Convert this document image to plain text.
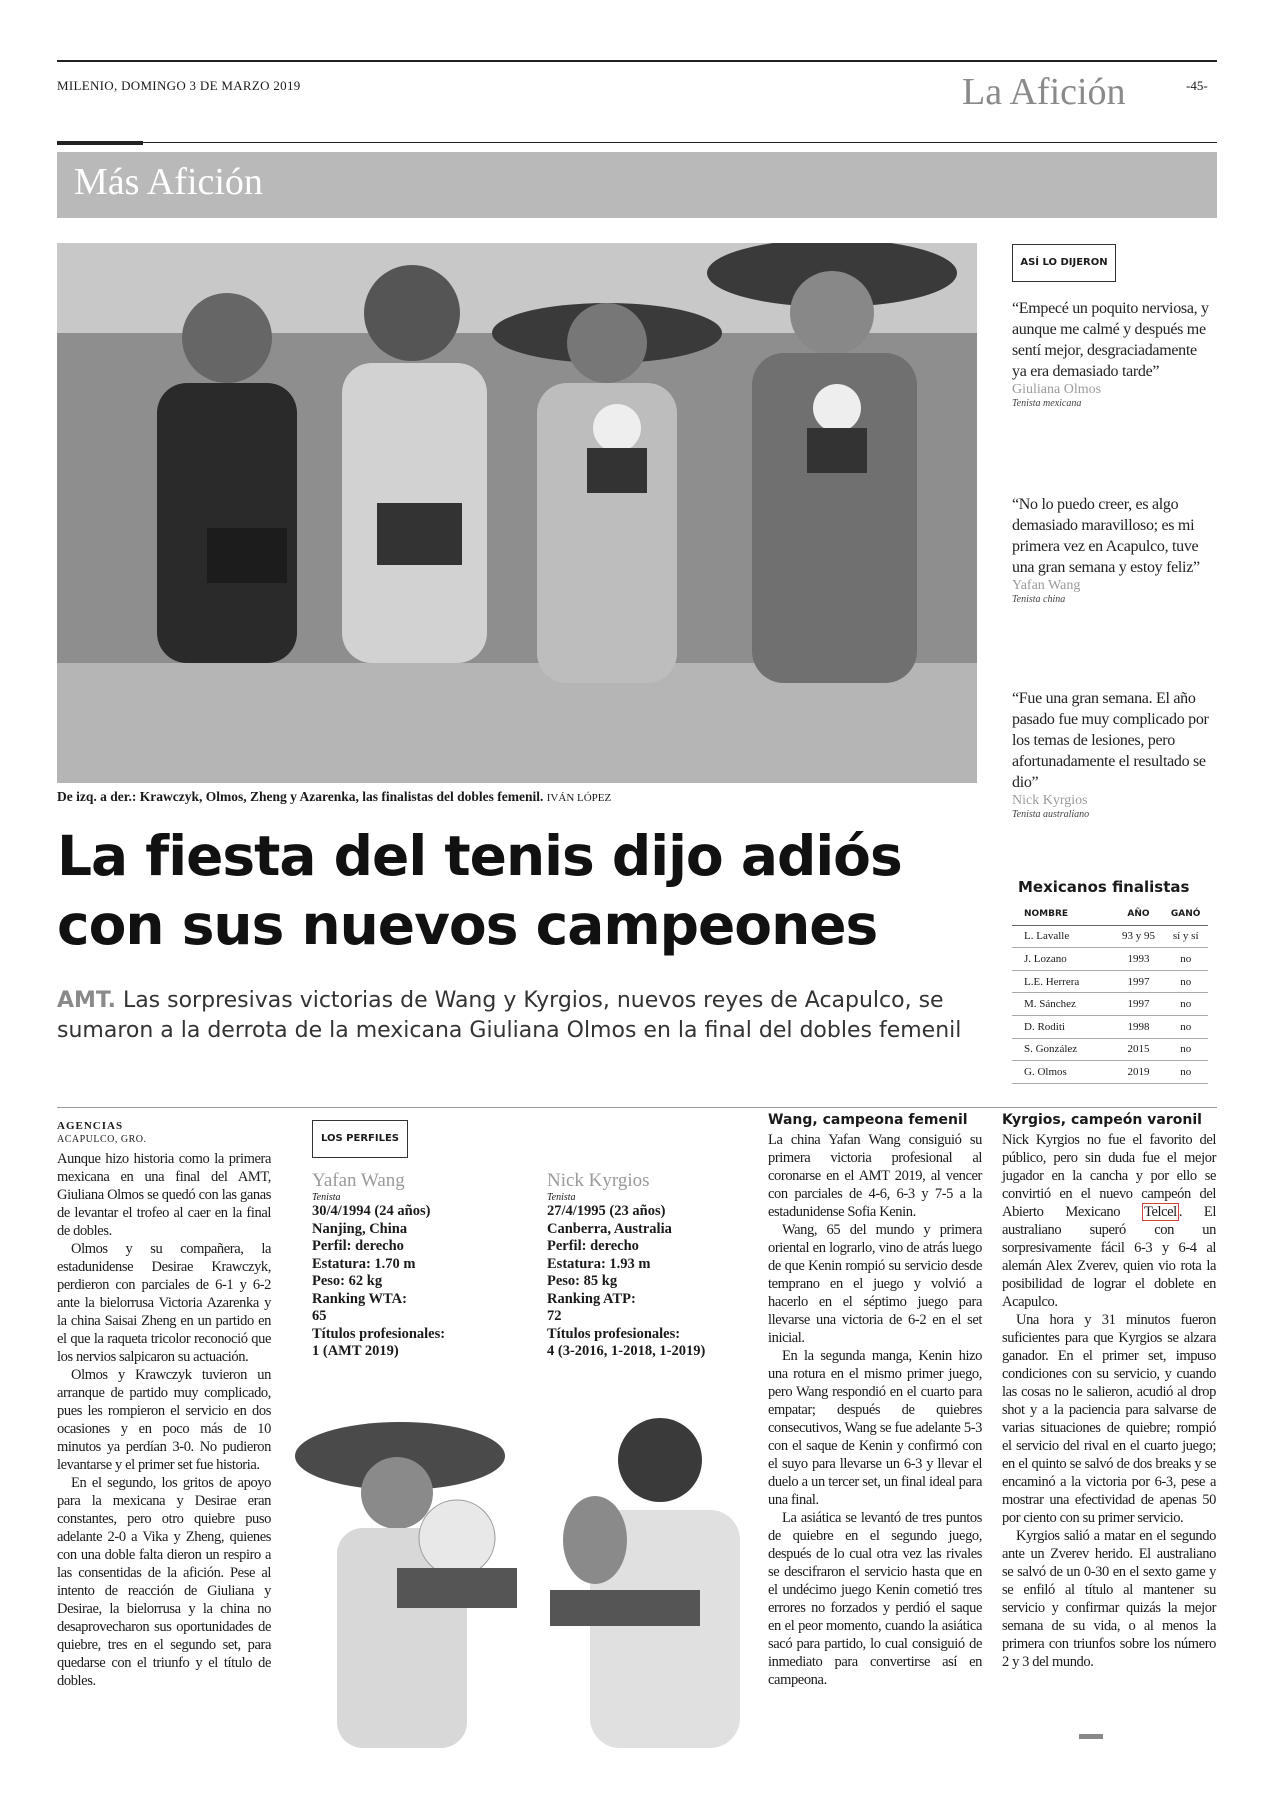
MILENIO, DOMINGO 3 DE MARZO 2019	La Afición	-45-
Más Afición
De izq. a der.: Krawczyk, Olmos, Zheng y Azarenka, las finalistas del dobles femenil. IVÁN LÓPEZ
La fiesta del tenis dijo adiós
con sus nuevos campeones
AMT. Las sorpresivas victorias de Wang y Kyrgios, nuevos reyes de Acapulco, se sumaron a la derrota de la mexicana Giuliana Olmos en la final del dobles femenil
ASÍ LO DIJERON
“Empecé un poquito nerviosa, y aunque me calmé y después me sentí mejor, desgraciadamente ya era demasiado tarde”
Giuliana Olmos
Tenista mexicana
“No lo puedo creer, es algo demasiado maravilloso; es mi primera vez en Acapulco, tuve una gran semana y estoy feliz”
Yafan Wang
Tenista china
“Fue una gran semana. El año pasado fue muy complicado por los temas de lesiones, pero afortunadamente el resultado se dio”
Nick Kyrgios
Tenista australiano
Mexicanos finalistas
NOMBRE	AÑO	GANÓ
L. Lavalle	93 y 95	sí y sí
J. Lozano	1993	no
L.E. Herrera	1997	no
M. Sánchez	1997	no
D. Roditi	1998	no
S. González	2015	no
G. Olmos	2019	no
AGENCIAS
ACAPULCO, GRO.

Aunque hizo historia como la primera mexicana en una final del AMT, Giuliana Olmos se quedó con las ganas de levantar el trofeo al caer en la final de dobles.

Olmos y su compañera, la estadunidense Desirae Krawczyk, perdieron con parciales de 6-1 y 6-2 ante la bielorrusa Victoria Azarenka y la china Saisai Zheng en un partido en el que la raqueta tricolor reconoció que los nervios salpicaron su actuación.

Olmos y Krawczyk tuvieron un arranque de partido muy complicado, pues les rompieron el servicio en dos ocasiones y en poco más de 10 minutos ya perdían 3-0. No pudieron levantarse y el primer set fue historia.

En el segundo, los gritos de apoyo para la mexicana y Desirae eran constantes, pero otro quiebre puso adelante 2-0 a Vika y Zheng, quienes con una doble falta dieron un respiro a las consentidas de la afición. Pese al intento de reacción de Giuliana y Desirae, la bielorrusa y la china no desaprovecharon sus oportunidades de quiebre, tres en el segundo set, para quedarse con el triunfo y el título de dobles.

LOS PERFILES
Yafan Wang
Tenista
30/4/1994 (24 años)
Nanjing, China
Perfil: derecho
Estatura: 1.70 m
Peso: 62 kg
Ranking WTA:
65
Títulos profesionales:
1 (AMT 2019)
Nick Kyrgios
Tenista
27/4/1995 (23 años)
Canberra, Australia
Perfil: derecho
Estatura: 1.93 m
Peso: 85 kg
Ranking ATP:
72
Títulos profesionales:
4 (3-2016, 1-2018, 1-2019)
Wang, campeona femenil

La china Yafan Wang consiguió su primera victoria profesional al coronarse en el AMT 2019, al vencer con parciales de 4-6, 6-3 y 7-5 a la estadunidense Sofia Kenin.

Wang, 65 del mundo y primera oriental en lograrlo, vino de atrás luego de que Kenin rompió su servicio desde temprano en el juego y volvió a hacerlo en el séptimo juego para llevarse una victoria de 6-2 en el set inicial.

En la segunda manga, Kenin hizo una rotura en el mismo primer juego, pero Wang respondió en el cuarto para empatar; después de quiebres consecutivos, Wang se fue adelante 5-3 con el saque de Kenin y confirmó con el suyo para llevarse un 6-3 y llevar el duelo a un tercer set, un final ideal para una final.

La asiática se levantó de tres puntos de quiebre en el segundo juego, después de lo cual otra vez las rivales se descifraron el servicio hasta que en el undécimo juego Kenin cometió tres errores no forzados y perdió el saque en el peor momento, cuando la asiática sacó para partido, lo cual consiguió de inmediato para convertirse así en campeona.

Kyrgios, campeón varonil

Nick Kyrgios no fue el favorito del público, pero sin duda fue el mejor jugador en la cancha y por ello se convirtió en el nuevo campeón del Abierto Mexicano Telcel . El australiano superó con un sorpresivamente fácil 6-3 y 6-4 al alemán Alex Zverev, quien vio rota la posibilidad de lograr el doblete en Acapulco.

Una hora y 31 minutos fueron suficientes para que Kyrgios se alzara ganador. En el primer set, impuso condiciones con su servicio, y cuando las cosas no le salieron, acudió al drop shot y a la paciencia para salvarse de varias situaciones de quiebre; rompió el servicio del rival en el cuarto juego; en el quinto se salvó de dos breaks y se encaminó a la victoria por 6-3, pese a mostrar una efectividad de apenas 50 por ciento con su primer servicio.

Kyrgios salió a matar en el segundo ante un Zverev herido. El australiano se salvó de un 0-30 en el sexto game y se enfiló al título al mantener su servicio y confirmar quizás la mejor semana de su vida, o al menos la primera con triunfos sobre los número 2 y 3 del mundo.
